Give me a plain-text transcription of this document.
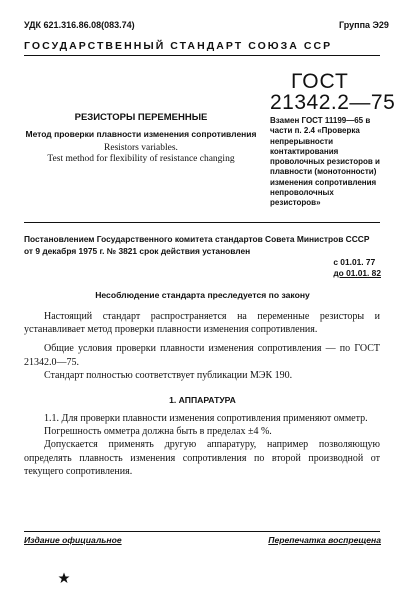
УДК 621.316.86.08(083.74)	Группа Э29
ГОСУДАРСТВЕННЫЙ СТАНДАРТ СОЮЗА ССР
ГОСТ
21342.2—75
РЕЗИСТОРЫ ПЕРЕМЕННЫЕ
Метод проверки плавности изменения сопротивления
Resistors variables.
Test method for flexibility of resistance changing
Взамен ГОСТ 11199—65 в части п. 2.4 «Проверка непрерывности контактирования проволочных резисторов и плавности (монотонности) изменения сопротивления непроволочных резисторов»
Постановлением Государственного комитета стандартов Совета Министров СССР от 9 декабря 1975 г. № 3821 срок действия установлен
с 01.01. 77
до 01.01. 82
Несоблюдение стандарта преследуется по закону

Настоящий стандарт распространяется на переменные резисторы и устанавливает метод проверки плавности изменения сопротивления.

Общие условия проверки плавности изменения сопротивления — по ГОСТ 21342.0—75.

Стандарт полностью соответствует публикации МЭК 190.

1. АППАРАТУРА

1.1. Для проверки плавности изменения сопротивления применяют омметр.

Погрешность омметра должна быть в пределах ±4 %.

Допускается применять другую аппаратуру, например позволяющую определять плавность изменения сопротивления по второй производной от текущего сопротивления.

Издание официальное	Перепечатка воспрещена
